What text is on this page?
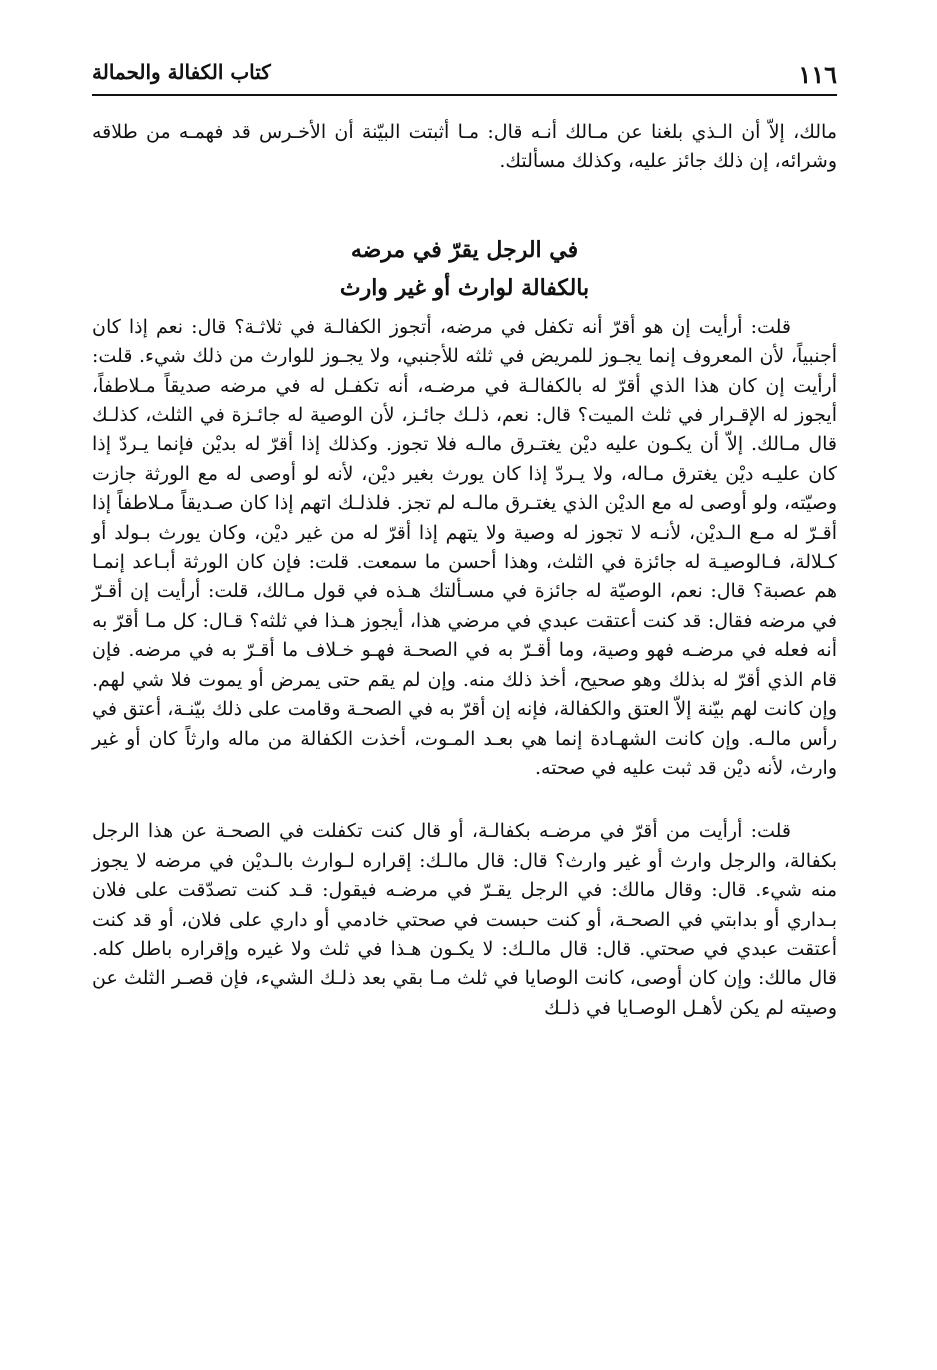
١١٦
كتاب الكفالة والحمالة

مالك، إلاّ أن الـذي بلغنا عن مـالك أنـه قال: مـا أثبتت البيّنة أن الأخـرس قد فهمـه من طلاقه وشرائه، إن ذلك جائز عليه، وكذلك مسألتك.

في الرجل يقرّ في مرضه
بالكفالة لوارث أو غير وارث

قلت: أرأيت إن هو أقرّ أنه تكفل في مرضه، أتجوز الكفالـة في ثلاثـة؟ قال: نعم إذا كان أجنبياً، لأن المعروف إنما يجـوز للمريض في ثلثه للأجنبي، ولا يجـوز للوارث من ذلك شيء. قلت: أرأيت إن كان هذا الذي أقرّ له بالكفالـة في مرضـه، أنه تكفـل له في مرضه صديقاً مـلاطفاً، أيجوز له الإقـرار في ثلث الميت؟ قال: نعم، ذلـك جائـز، لأن الوصية له جائـزة في الثلث، كذلـك قال مـالك. إلاّ أن يكـون عليه ديْن يغتـرق مالـه فلا تجوز. وكذلك إذا أقرّ له بديْن فإنما يـردّ إذا كان عليـه ديْن يغترق مـاله، ولا يـردّ إذا كان يورث بغير ديْن، لأنه لو أوصى له مع الورثة جازت وصيّته، ولو أوصى له مع الديْن الذي يغتـرق مالـه لم تجز. فلذلـك اتهم إذا كان صـديقاً مـلاطفاً إذا أقـرّ له مـع الـديْن، لأنـه لا تجوز له وصية ولا يتهم إذا أقرّ له من غير ديْن، وكان يورث بـولد أو كـلالة، فـالوصيـة له جائزة في الثلث، وهذا أحسن ما سمعت. قلت: فإن كان الورثة أبـاعد إنمـا هم عصبة؟ قال: نعم، الوصيّة له جائزة في مسـألتك هـذه في قول مـالك، قلت: أرأيت إن أقـرّ في مرضه فقال: قد كنت أعتقت عبدي في مرضي هذا، أيجوز هـذا في ثلثه؟ قـال: كل مـا أقرّ به أنه فعله في مرضـه فهو وصية، وما أقـرّ به في الصحـة فهـو خـلاف ما أقـرّ به في مرضه. فإن قام الذي أقرّ له بذلك وهو صحيح، أخذ ذلك منه. وإن لم يقم حتى يمرض أو يموت فلا شي لهم. وإن كانت لهم بيّنة إلاّ العتق والكفالة، فإنه إن أقرّ به في الصحـة وقامت على ذلك بيّنـة، أعتق في رأس مالـه. وإن كانت الشهـادة إنما هي بعـد المـوت، أخذت الكفالة من ماله وارثاً كان أو غير وارث، لأنه ديْن قد ثبت عليه في صحته.

قلت: أرأيت من أقرّ في مرضـه بكفالـة، أو قال كنت تكفلت في الصحـة عن هذا الرجل بكفالة، والرجل وارث أو غير وارث؟ قال: قال مالـك: إقراره لـوارث بالـديْن في مرضه لا يجوز منه شيء. قال: وقال مالك: في الرجل يقـرّ في مرضـه فيقول: قـد كنت تصدّقت على فلان بـداري أو بدابتي في الصحـة، أو كنت حبست في صحتي خادمي أو داري على فلان، أو قد كنت أعتقت عبدي في صحتي. قال: قال مالـك: لا يكـون هـذا في ثلث ولا غيره وإقراره باطل كله. قال مالك: وإن كان أوصى، كانت الوصايا في ثلث مـا بقي بعد ذلـك الشيء، فإن قصـر الثلث عن وصيته لم يكن لأهـل الوصـايا في ذلـك
